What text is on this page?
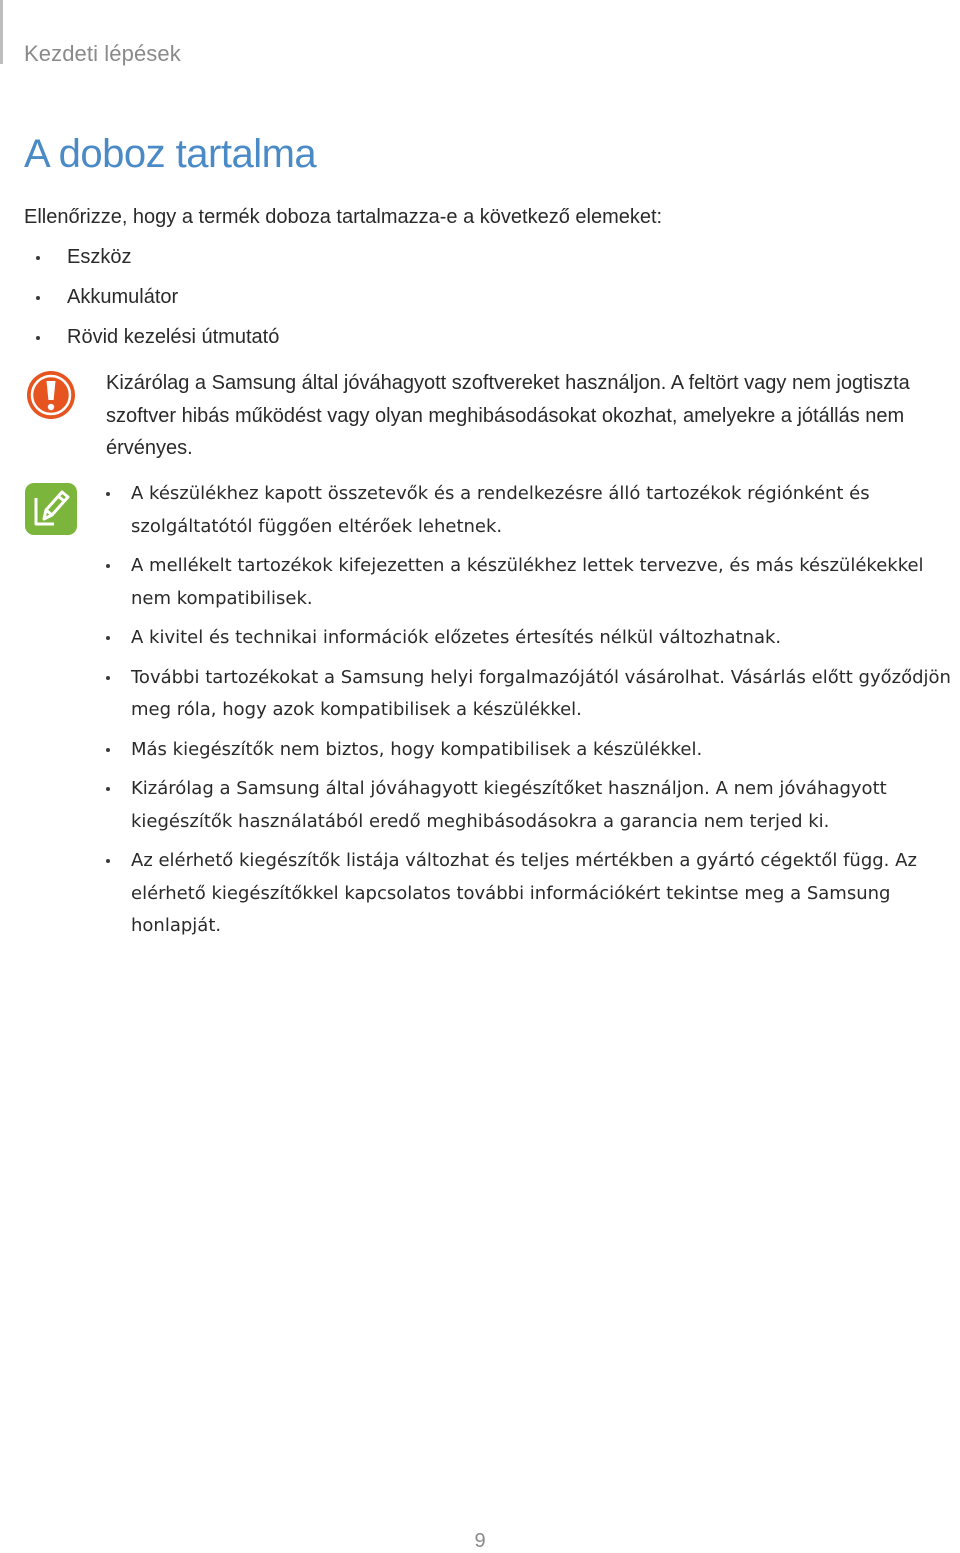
Kezdeti lépések
A doboz tartalma
Ellenőrizze, hogy a termék doboza tartalmazza-e a következő elemeket:
Eszköz
Akkumulátor
Rövid kezelési útmutató
Kizárólag a Samsung által jóváhagyott szoftvereket használjon. A feltört vagy nem jogtiszta szoftver hibás működést vagy olyan meghibásodásokat okozhat, amelyekre a jótállás nem érvényes.
A készülékhez kapott összetevők és a rendelkezésre álló tartozékok régiónként és szolgáltatótól függően eltérőek lehetnek.
A mellékelt tartozékok kifejezetten a készülékhez lettek tervezve, és más készülékekkel nem kompatibilisek.
A kivitel és technikai információk előzetes értesítés nélkül változhatnak.
További tartozékokat a Samsung helyi forgalmazójától vásárolhat. Vásárlás előtt győződjön meg róla, hogy azok kompatibilisek a készülékkel.
Más kiegészítők nem biztos, hogy kompatibilisek a készülékkel.
Kizárólag a Samsung által jóváhagyott kiegészítőket használjon. A nem jóváhagyott kiegészítők használatából eredő meghibásodásokra a garancia nem terjed ki.
Az elérhető kiegészítők listája változhat és teljes mértékben a gyártó cégektől függ. Az elérhető kiegészítőkkel kapcsolatos további információkért tekintse meg a Samsung honlapját.
9
